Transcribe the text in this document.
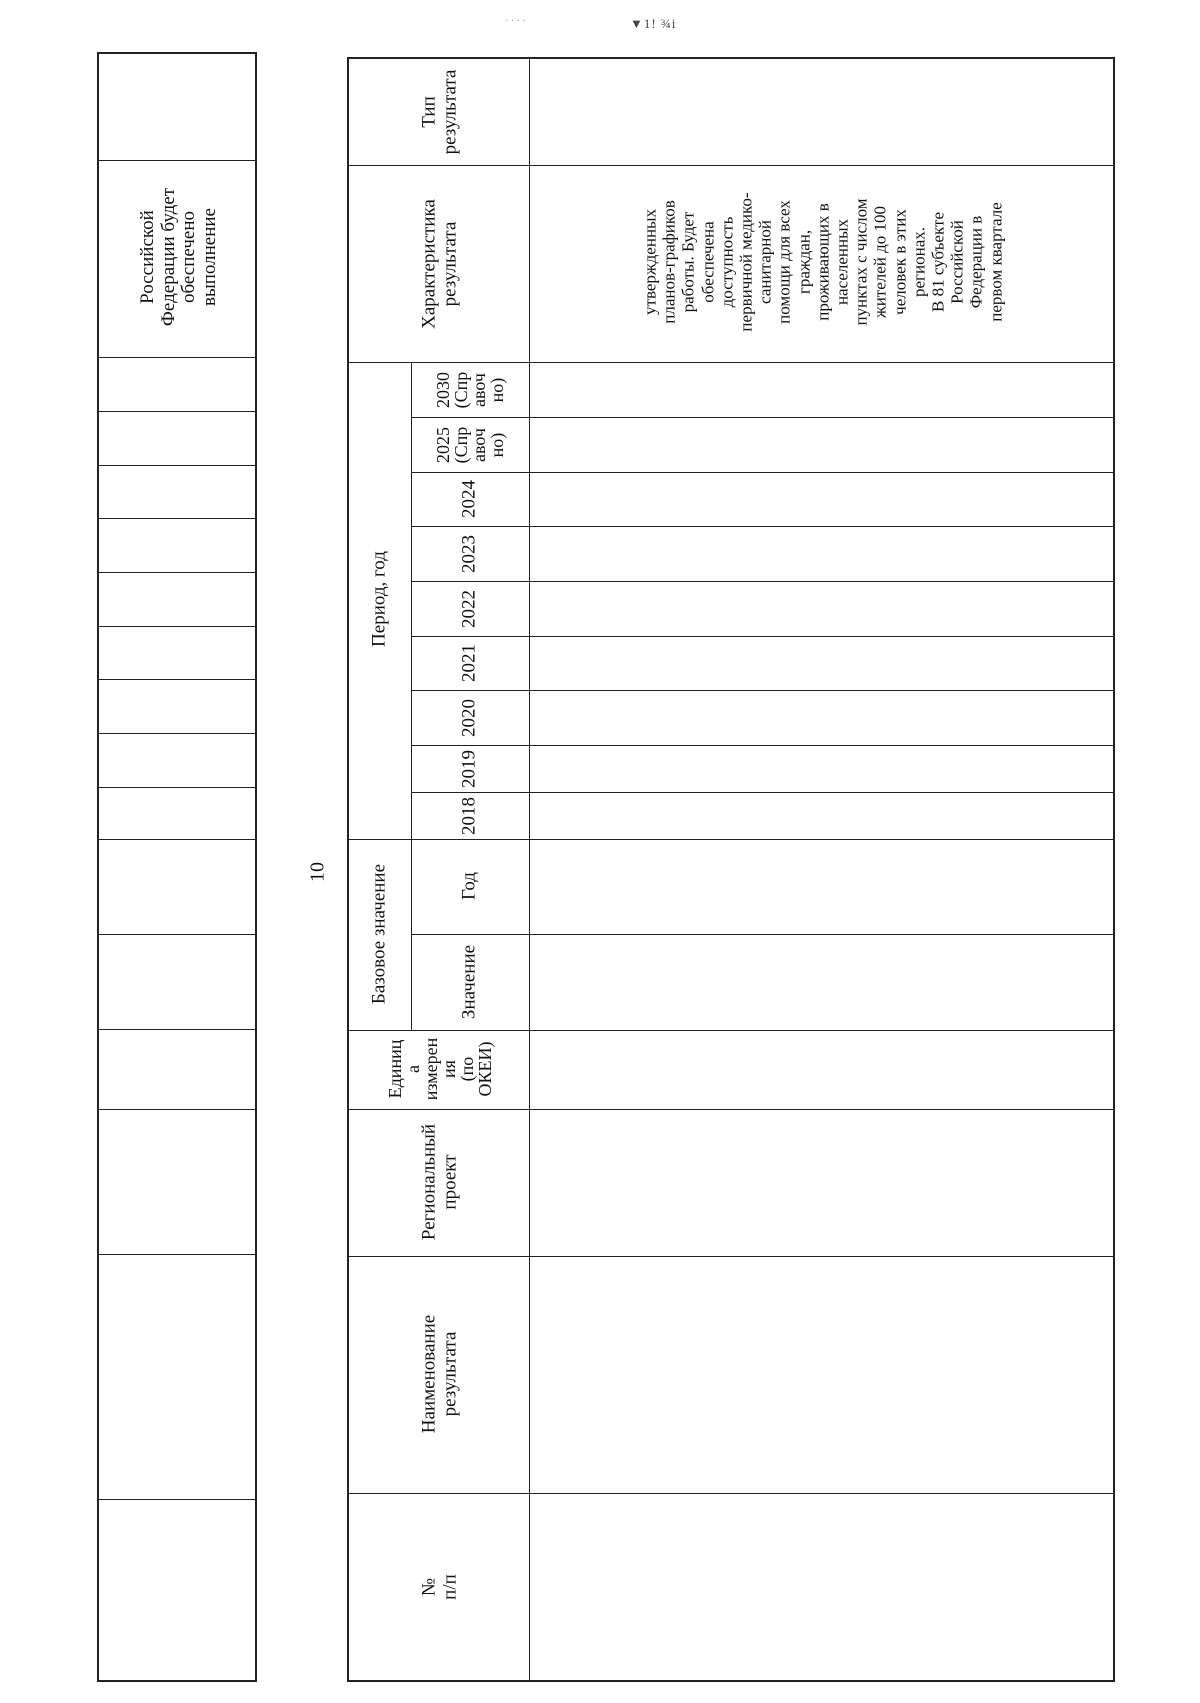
· · · ·	▼1! ¾i
Российской
Федерации будет
обеспечено
выполнение
10
Тип
результата
Характеристика
результата
Период, год
2030
(Спр
авоч
но)
2025
(Спр
авоч
но)
2024
2023
2022
2021
2020
2019
2018
Базовое значение	Год
Значение
Единиц
а
измерен
ия
(по
ОКЕИ)
Региональный
проект
Наименование
результата
№
п/п
утвержденных
планов-графиков
работы. Будет
обеспечена
доступность
первичной медико-
санитарной
помощи для всех
граждан,
проживающих в
населенных
пунктах с числом
жителей до 100
человек в этих
регионах.
В 81 субъекте
Российской
Федерации в
первом квартале
